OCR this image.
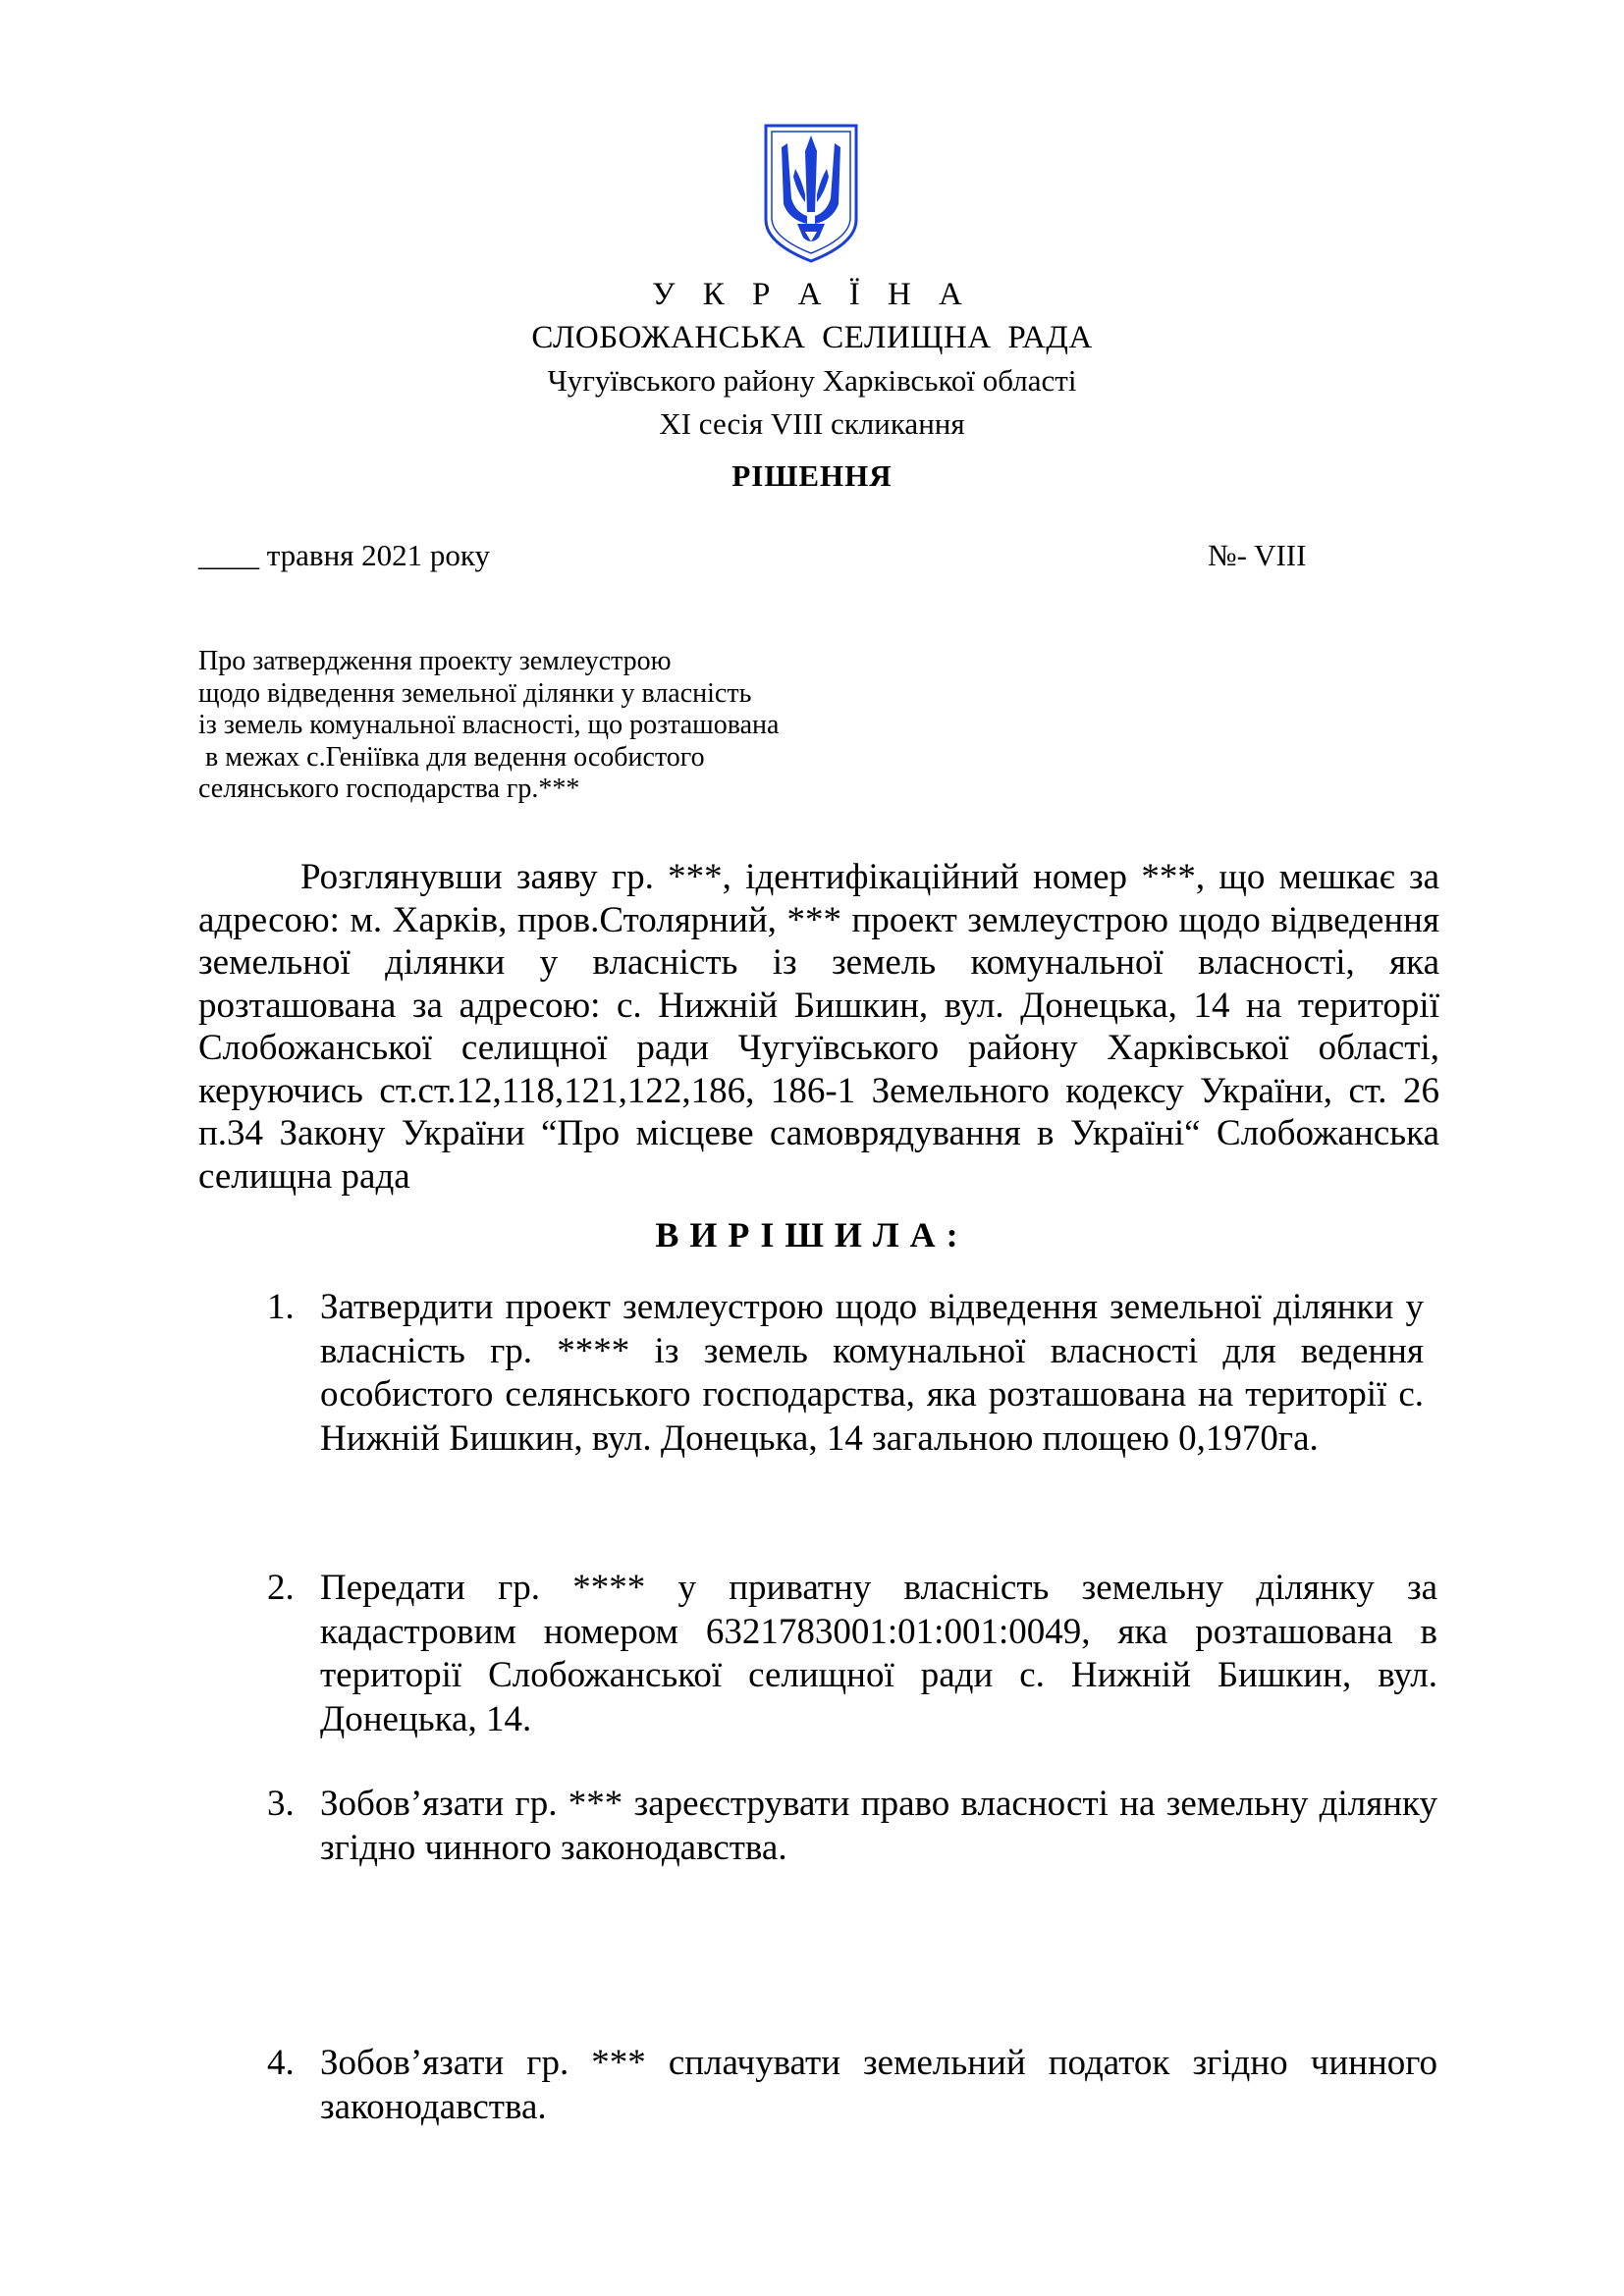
У К Р А Ї Н А
СЛОБОЖАНСЬКА СЕЛИЩНА РАДА
Чугуївського району Харківської області
XI сесія VIII скликання
РІШЕННЯ
____ травня 2021 року	№- VIII
Про затвердження проекту землеустрою
щодо відведення земельної ділянки у власність
із земель комунальної власності, що розташована
в межах с.Геніївка для ведення особистого
селянського господарства гр.***
Розглянувши заяву гр. ***, ідентифікаційний номер ***, що мешкає за адресою: м. Харків, пров.Столярний, *** проект землеустрою щодо відведення земельної ділянки у власність із земель комунальної власності, яка розташована за адресою: с. Нижній Бишкин, вул. Донецька, 14 на території Слобожанської селищної ради Чугуївського району Харківської області, керуючись ст.ст.12,118,121,122,186, 186-1 Земельного кодексу України, ст. 26 п.34 Закону України “Про місцеве самоврядування в Україні“ Слобожанська селищна рада
ВИРІШИЛА:
1. Затвердити проект землеустрою щодо відведення земельної ділянки у власність гр. **** із земель комунальної власності для ведення особистого селянського господарства, яка розташована на території с. Нижній Бишкин, вул. Донецька, 14 загальною площею 0,1970га.
2. Передати гр. **** у приватну власність земельну ділянку за кадастровим номером 6321783001:01:001:0049, яка розташована в території Слобожанської селищної ради с. Нижній Бишкин, вул. Донецька, 14.
3. Зобов’язати гр. *** зареєструвати право власності на земельну ділянку згідно чинного законодавства.
4. Зобов’язати гр. *** сплачувати земельний податок згідно чинного законодавства.
